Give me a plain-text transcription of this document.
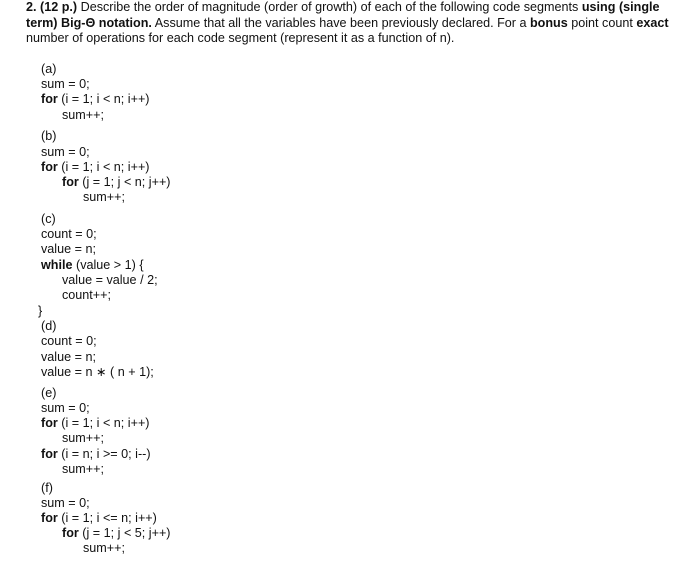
2. (12 p.) Describe the order of magnitude (order of growth) of each of the following code segments using (single term) Big-Θ notation. Assume that all the variables have been previously declared. For a bonus point count exact number of operations for each code segment (represent it as a function of n).
(a)
sum = 0;
for (i = 1; i < n; i++)
sum++;
(b)
sum = 0;
for (i = 1; i < n; i++)
for (j = 1; j < n; j++)
sum++;
(c)
count = 0;
value = n;
while (value > 1) {
value = value / 2;
count++;
}
(d)
count = 0;
value = n;
value = n ∗ ( n + 1);
(e)
sum = 0;
for (i = 1; i < n; i++)
sum++;
for (i = n; i >= 0; i--)
sum++;
(f)
sum = 0;
for (i = 1; i <= n; i++)
for (j = 1; j < 5; j++)
sum++;
